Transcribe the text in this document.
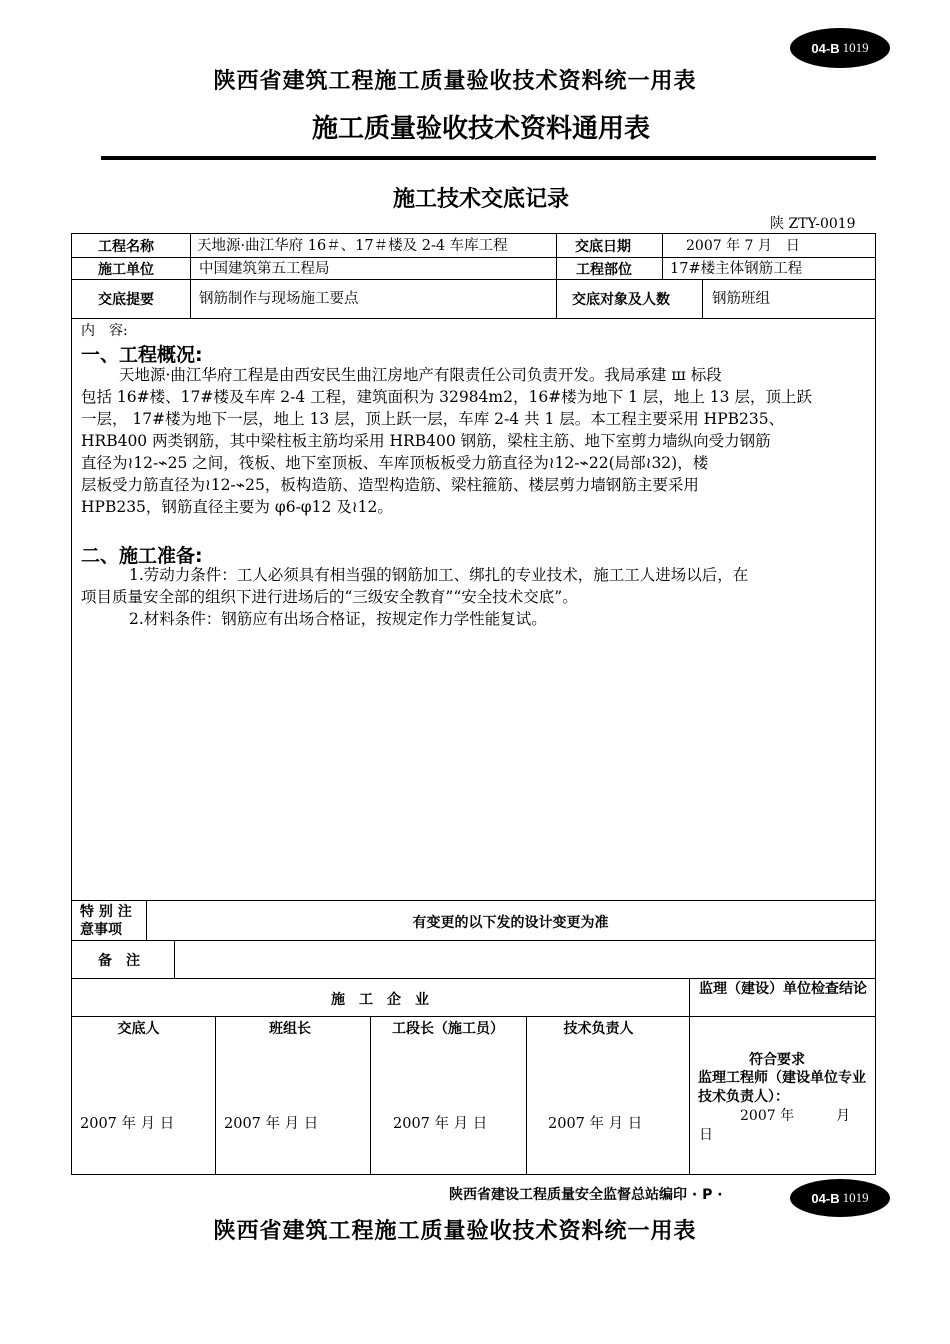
04-B 1019
陕西省建筑工程施工质量验收技术资料统一用表
施工质量验收技术资料通用表
施工技术交底记录
陕 ZTY-0019
工程名称	天地源·曲江华府 16＃、17＃楼及 2-4 车库工程	交底日期	2007 年 7 月　日
施工单位	中国建筑第五工程局	工程部位	17#楼主体钢筋工程
交底提要	钢筋制作与现场施工要点	交底对象及人数	钢筋班组
内　容:
一、工程概况:
天地源·曲江华府工程是由西安民生曲江房地产有限责任公司负责开发。我局承建 ш 标段
包括 16#楼、17#楼及车库 2-4 工程，建筑面积为 32984m2，16#楼为地下 1 层，地上 13 层，顶上跃
一层， 17#楼为地下一层，地上 13 层，顶上跃一层，车库 2-4 共 1 层。本工程主要采用 HPB235、
HRB400 两类钢筋，其中梁柱板主筋均采用 HRB400 钢筋，梁柱主筋、地下室剪力墙纵向受力钢筋
直径为≀12-⌁25 之间，筏板、地下室顶板、车库顶板板受力筋直径为≀12-⌁22(局部≀32)，楼
层板受力筋直径为≀12-⌁25，板构造筋、造型构造筋、梁柱箍筋、楼层剪力墙钢筋主要采用
HPB235，钢筋直径主要为 φ6-φ12 及≀12。
二、施工准备:
1.劳动力条件：工人必须具有相当强的钢筋加工、绑扎的专业技术，施工工人进场以后，在
项目质量安全部的组织下进行进场后的“三级安全教育”“安全技术交底”。
2.材料条件：钢筋应有出场合格证，按规定作力学性能复试。
特 别 注
意事项	有变更的以下发的设计变更为准
备　注
施　工　企　业
监理（建设）单位检查结论
交底人	班组长	工段长（施工员）	技术负责人
2007 年 月 日	2007 年 月 日	2007 年 月 日	2007 年 月 日
符合要求
监理工程师（建设单位专业技术负责人）：
2007 年　　　月
日
陕西省建设工程质量安全监督总站编印 · P ·	04-B 1019
陕西省建筑工程施工质量验收技术资料统一用表
